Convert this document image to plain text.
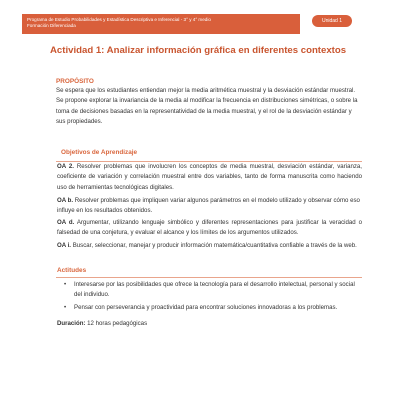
Programa de Estudio Probabilidades y Estadística Descriptiva e Inferencial - 3° y 4° medio
Formación Diferenciada
Unidad 1
Actividad 1: Analizar información gráfica en diferentes contextos
PROPÓSITO
Se espera que los estudiantes entiendan mejor la media aritmética muestral y la desviación estándar muestral. Se propone explorar la invariancia de la media al modificar la frecuencia en distribuciones simétricas, o sobre la toma de decisiones basadas en la representatividad de la media muestral, y el rol de la desviación estándar y sus propiedades.
Objetivos de Aprendizaje
OA 2. Resolver problemas que involucren los conceptos de media muestral, desviación estándar, varianza, coeficiente de variación y correlación muestral entre dos variables, tanto de forma manuscrita como haciendo uso de herramientas tecnológicas digitales.
OA b. Resolver problemas que impliquen variar algunos parámetros en el modelo utilizado y observar cómo eso influye en los resultados obtenidos.
OA d. Argumentar, utilizando lenguaje simbólico y diferentes representaciones para justificar la veracidad o falsedad de una conjetura, y evaluar el alcance y los límites de los argumentos utilizados.
OA i. Buscar, seleccionar, manejar y producir información matemática/cuantitativa confiable a través de la web.
Actitudes
• Interesarse por las posibilidades que ofrece la tecnología para el desarrollo intelectual, personal y social del individuo.
• Pensar con perseverancia y proactividad para encontrar soluciones innovadoras a los problemas.
Duración: 12 horas pedagógicas
